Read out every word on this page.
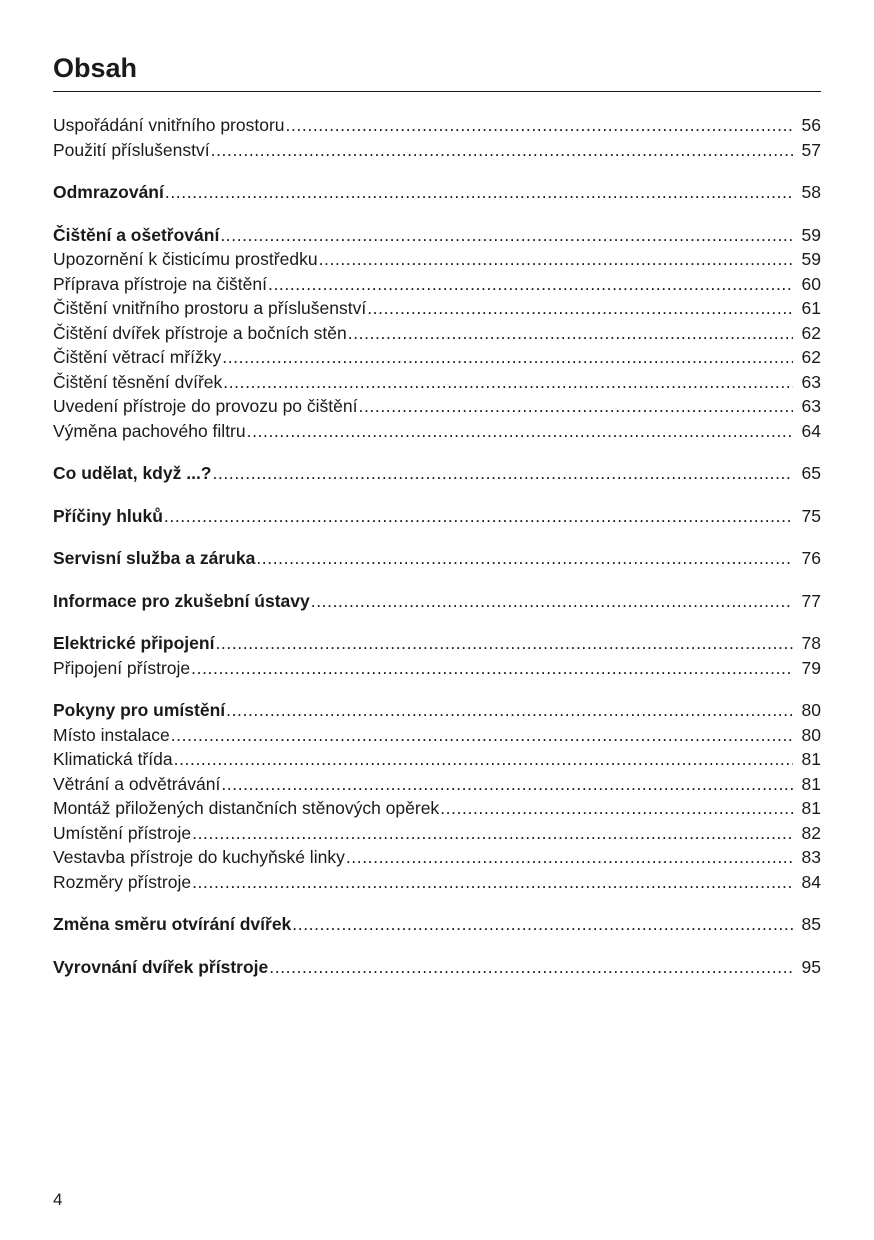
Obsah
Uspořádání vnitřního prostoru .....	56
Použití příslušenství .....	57
Odmrazování .....	58
Čištění a ošetřování .....	59
Upozornění k čisticímu prostředku .....	59
Příprava přístroje na čištění .....	60
Čištění vnitřního prostoru a příslušenství .....	61
Čištění dvířek přístroje a bočních stěn .....	62
Čištění větrací mřížky .....	62
Čištění těsnění dvířek .....	63
Uvedení přístroje do provozu po čištění .....	63
Výměna pachového filtru .....	64
Co udělat, když ...? .....	65
Příčiny hluků .....	75
Servisní služba a záruka .....	76
Informace pro zkušební ústavy .....	77
Elektrické připojení .....	78
Připojení přístroje .....	79
Pokyny pro umístění .....	80
Místo instalace .....	80
Klimatická třída .....	81
Větrání a odvětrávání .....	81
Montáž přiložených distančních stěnových opěrek .....	81
Umístění přístroje .....	82
Vestavba přístroje do kuchyňské linky .....	83
Rozměry přístroje .....	84
Změna směru otvírání dvířek .....	85
Vyrovnání dvířek přístroje .....	95
4
